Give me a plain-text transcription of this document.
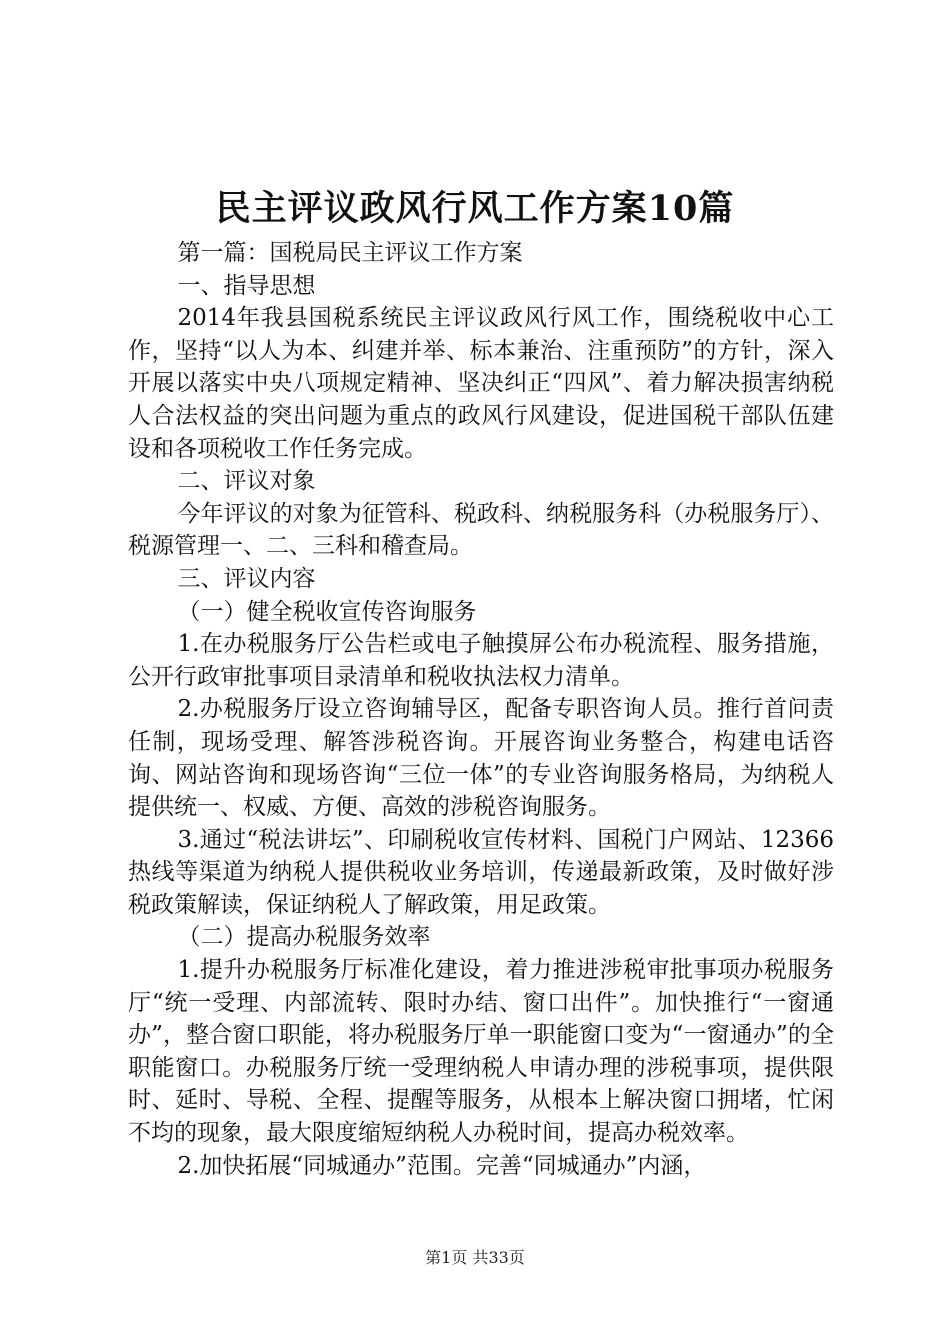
民主评议政风行风工作方案10篇

第一篇：国税局民主评议工作方案

一、指导思想

2014年我县国税系统民主评议政风行风工作，围绕税收中心工作，坚持“以人为本、纠建并举、标本兼治、注重预防”的方针，深入开展以落实中央八项规定精神、坚决纠正“四风”、着力解决损害纳税人合法权益的突出问题为重点的政风行风建设，促进国税干部队伍建设和各项税收工作任务完成。

二、评议对象

今年评议的对象为征管科、税政科、纳税服务科（办税服务厅）、税源管理一、二、三科和稽查局。

三、评议内容

（一）健全税收宣传咨询服务

1.在办税服务厅公告栏或电子触摸屏公布办税流程、服务措施，公开行政审批事项目录清单和税收执法权力清单。

2.办税服务厅设立咨询辅导区，配备专职咨询人员。推行首问责任制，现场受理、解答涉税咨询。开展咨询业务整合，构建电话咨询、网站咨询和现场咨询“三位一体”的专业咨询服务格局，为纳税人提供统一、权威、方便、高效的涉税咨询服务。

3.通过“税法讲坛”、印刷税收宣传材料、国税门户网站、12366热线等渠道为纳税人提供税收业务培训，传递最新政策，及时做好涉税政策解读，保证纳税人了解政策，用足政策。

（二）提高办税服务效率

1.提升办税服务厅标准化建设，着力推进涉税审批事项办税服务厅“统一受理、内部流转、限时办结、窗口出件”。加快推行“一窗通办”，整合窗口职能，将办税服务厅单一职能窗口变为“一窗通办”的全职能窗口。办税服务厅统一受理纳税人申请办理的涉税事项，提供限时、延时、导税、全程、提醒等服务，从根本上解决窗口拥堵，忙闲不均的现象，最大限度缩短纳税人办税时间，提高办税效率。

2.加快拓展“同城通办”范围。完善“同城通办”内涵，

第1页 共33页
